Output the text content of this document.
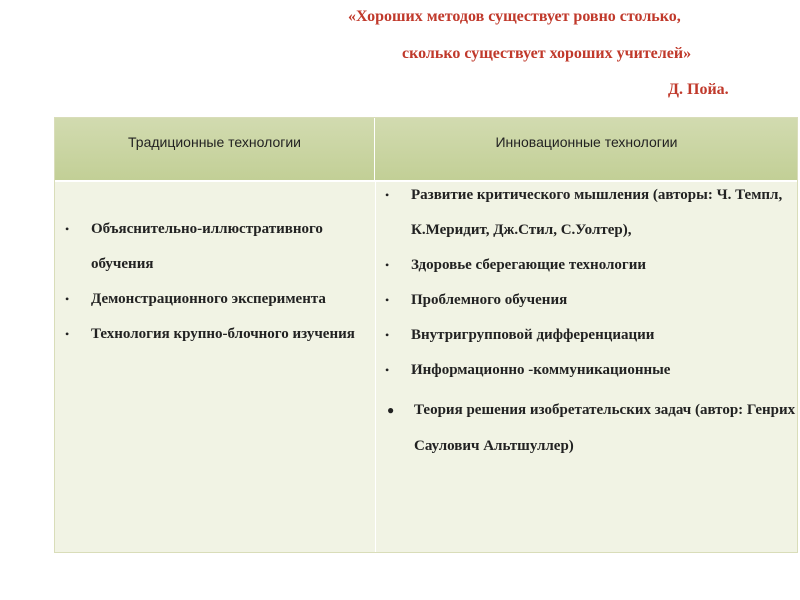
«Хороших методов существует ровно столько,
сколько существует хороших учителей»
Д. Пойа.
Традиционные технологии	Инновационные технологии
• Объяснительно-иллюстративного обучения
• Демонстрационного эксперимента
• Технология крупно-блочного изучения
• Развитие критического мышления (авторы: Ч. Темпл, К.Меридит, Дж.Стил, С.Уолтер),
• Здоровье сберегающие технологии
• Проблемного обучения
• Внутригрупповой дифференциации
• Информационно -коммуникационные
● Теория решения изобретательских задач (автор: Генрих Саулович Альтшуллер)
